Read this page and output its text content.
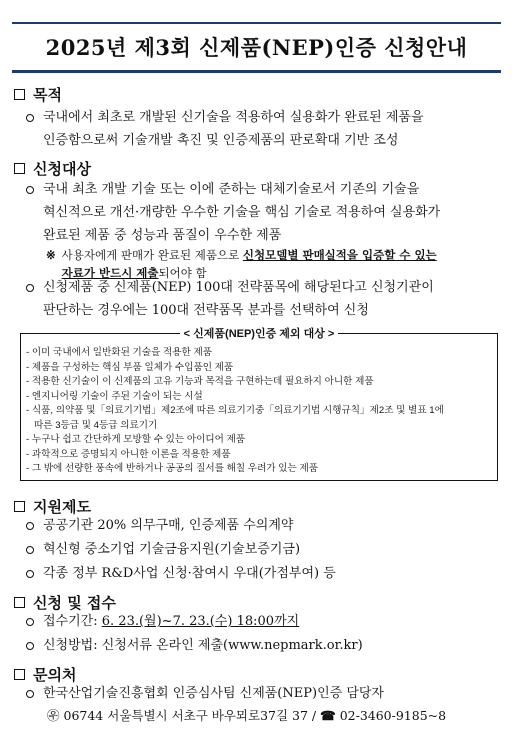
2025년 제3회 신제품(NEP)인증 신청안내
목적
국내에서 최초로 개발된 신기술을 적용하여 실용화가 완료된 제품을
인증함으로써 기술개발 촉진 및 인증제품의 판로확대 기반 조성
신청대상
국내 최초 개발 기술 또는 이에 준하는 대체기술로서 기존의 기술을
혁신적으로 개선·개량한 우수한 기술을 핵심 기술로 적용하여 실용화가
완료된 제품 중 성능과 품질이 우수한 제품
※ 사용자에게 판매가 완료된 제품으로 신청모델별 판매실적을 입증할 수 있는
자료가 반드시 제출되어야 함
신청제품 중 신제품(NEP) 100대 전략품목에 해당된다고 신청기관이
판단하는 경우에는 100대 전략품목 분과를 선택하여 신청
< 신제품(NEP)인증 제외 대상 >
- 이미 국내에서 일반화된 기술을 적용한 제품
- 제품을 구성하는 핵심 부품 일체가 수입품인 제품
- 적용한 신기술이 이 신제품의 고유 기능과 목적을 구현하는데 필요하지 아니한 제품
- 엔지니어링 기술이 주된 기술이 되는 시설
- 식품, 의약품 및「의료기기법」제2조에 따른 의료기기중「의료기기법 시행규칙」제2조 및 별표 1에
따른 3등급 및 4등급 의료기기
- 누구나 쉽고 간단하게 모방할 수 있는 아이디어 제품
- 과학적으로 증명되지 아니한 이론을 적용한 제품
- 그 밖에 선량한 풍속에 반하거나 공공의 질서를 해칠 우려가 있는 제품
지원제도
공공기관 20% 의무구매, 인증제품 수의계약
혁신형 중소기업 기술금융지원(기술보증기금)
각종 정부 R&D사업 신청·참여시 우대(가점부여) 등
신청 및 접수
접수기간: 6. 23.(월)~7. 23.(수) 18:00까지
신청방법: 신청서류 온라인 제출(www.nepmark.or.kr)
문의처
한국산업기술진흥협회 인증심사팀 신제품(NEP)인증 담당자
㉾ 06744 서울특별시 서초구 바우뫼로37길 37 / ☎ 02-3460-9185~8
